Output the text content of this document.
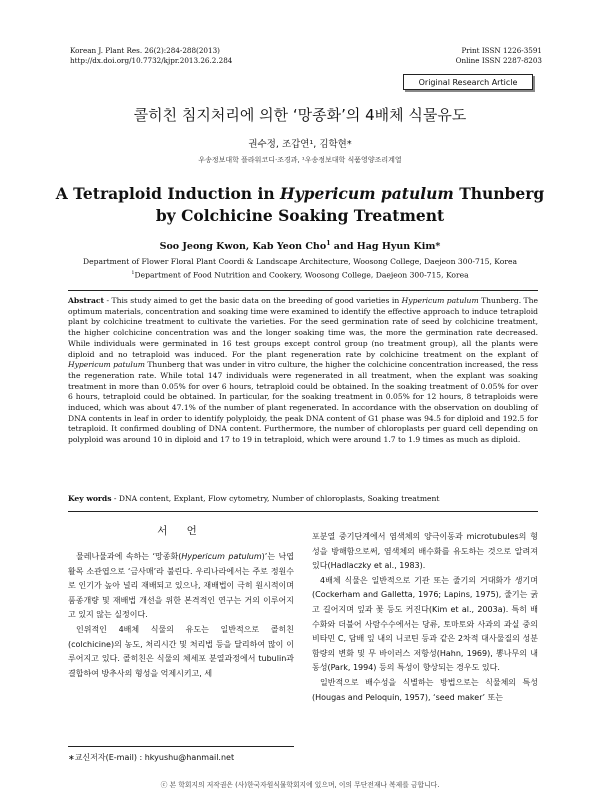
Korean J. Plant Res. 26(2):284-288(2013)
http://dx.doi.org/10.7732/kjpr.2013.26.2.284
Print ISSN 1226-3591
Online ISSN 2287-8203
Original Research Article
콜히친 침지처리에 의한 ‘망종화’의 4배체 식물유도
권수정, 조갑연¹, 김학현*
우송정보대학 플라워코디·조경과, ¹우송정보대학 식품영양조리계열
A Tetraploid Induction in Hypericum patulum Thunberg
by Colchicine Soaking Treatment
Soo Jeong Kwon, Kab Yeon Cho$^1$ and Hag Hyun Kim*
Department of Flower Floral Plant Coordi & Landscape Architecture, Woosong College, Daejeon 300-715, Korea
$^1$Department of Food Nutrition and Cookery, Woosong College, Daejeon 300-715, Korea
Abstract - This study aimed to get the basic data on the breeding of good varieties in Hypericum patulum Thunberg. The optimum materials, concentration and soaking time were examined to identify the effective approach to induce tetraploid plant by colchicine treatment to cultivate the varieties. For the seed germination rate of seed by colchicine treatment, the higher colchicine concentration was and the longer soaking time was, the more the germination rate decreased. While individuals were germinated in 16 test groups except control group (no treatment group), all the plants were diploid and no tetraploid was induced. For the plant regeneration rate by colchicine treatment on the explant of Hypericum patulum Thunberg that was under in vitro culture, the higher the colchicine concentration increased, the ress the regeneration rate. While total 147 individuals were regenerated in all treatment, when the explant was soaking treatment in more than 0.05% for over 6 hours, tetraploid could be obtained. In the soaking treatment of 0.05% for over 6 hours, tetraploid could be obtained. In particular, for the soaking treatment in 0.05% for 12 hours, 8 tetraploids were induced, which was about 47.1% of the number of plant regenerated. In accordance with the observation on doubling of DNA contents in leaf in order to identify polyploidy, the peak DNA content of G1 phase was 94.5 for diploid and 192.5 for tetraploid. It confirmed doubling of DNA content. Furthermore, the number of chloroplasts per guard cell depending on polyploid was around 10 in diploid and 17 to 19 in tetraploid, which were around 1.7 to 1.9 times as much as diploid.
Key words - DNA content, Explant, Flow cytometry, Number of chloroplasts, Soaking treatment
서 언

물레나물과에 속하는 ‘망종화(Hypericum patulum)’는 낙엽활목 소관엽으로 ‘금사매’라 불린다. 우리나라에서는 주로 정원수로 인기가 높아 널리 재배되고 있으나, 재배법이 극히 원시적이며 품종개량 및 재배법 개선을 위한 본격적인 연구는 거의 이루어지고 있지 않는 실정이다.

인위적인 4배체 식물의 유도는 일반적으로 콜히친(colchicine)의 농도, 처리시간 및 처리법 등을 달리하여 많이 이루어지고 있다. 콜히친은 식물의 체세포 분열과정에서 tubulin과 결합하여 방추사의 형성을 억제시키고, 세

포분열 중기단계에서 염색체의 양극이동과 microtubules의 형성을 방해함으로써, 염색체의 배수화를 유도하는 것으로 알려져 있다(Hadlaczky et al., 1983).

4배체 식물은 일반적으로 기관 또는 줄기의 거대화가 생기며(Cockerham and Galletta, 1976; Lapins, 1975), 줄기는 굵고 길어지며 잎과 꽃 등도 커진다(Kim et al., 2003a). 특히 배수화와 더불어 사람수수에서는 당류, 토마토와 사과의 과실 중의 비타민 C, 담배 잎 내의 니코틴 등과 같은 2차적 대사물질의 성분함량의 변화 및 무 바이러스 저항성(Hahn, 1969), 뽕나무의 내동성(Park, 1994) 등의 특성이 향상되는 경우도 있다.

일반적으로 배수성을 식별하는 방법으로는 식물체의 특성(Hougas and Peloquin, 1957), ‘seed maker’ 또는

∗교신저자(E-mail) : hkyushu@hanmail.net
ⓒ 본 학회지의 저작권은 (사)한국자원식물학회지에 있으며, 이의 무단전재나 복제를 금합니다.
